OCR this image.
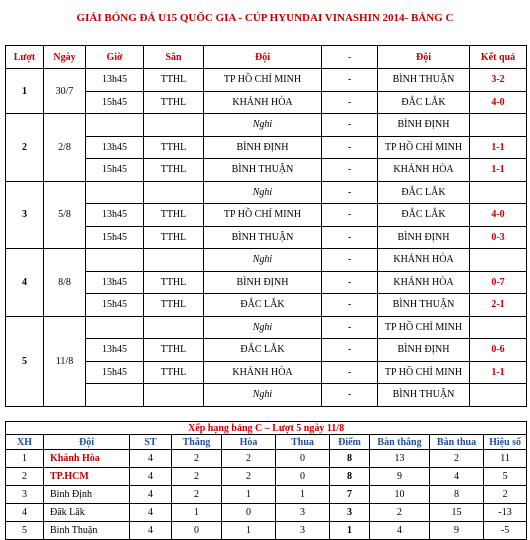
GIẢI BÓNG ĐÁ U15 QUỐC GIA - CÚP HYUNDAI VINASHIN 2014- BẢNG C
Lượt	Ngày	Giờ	Sân	Đội	-	Đội	Kết quả
1	30/7	13h45	TTHL	TP HỒ CHÍ MINH	-	BÌNH THUẬN	3-2
		15h45	TTHL	KHÁNH HÒA	-	ĐẮC LẮK	4-0
2	2/8			Nghỉ	-	BÌNH ĐỊNH	
		13h45	TTHL	BÌNH ĐỊNH	-	TP HỒ CHÍ MINH	1-1
		15h45	TTHL	BÌNH THUẬN	-	KHÁNH HÒA	1-1
3	5/8			Nghỉ	-	ĐẮC LẮK	
		13h45	TTHL	TP HỒ CHÍ MINH	-	ĐẮC LẮK	4-0
		15h45	TTHL	BÌNH THUẬN	-	BÌNH ĐỊNH	0-3
4	8/8			Nghỉ	-	KHÁNH HÒA	
		13h45	TTHL	BÌNH ĐỊNH	-	KHÁNH HÒA	0-7
		15h45	TTHL	ĐẮC LẮK	-	BÌNH THUẬN	2-1
5	11/8			Nghỉ	-	TP HỒ CHÍ MINH	
		13h45	TTHL	ĐẮC LẮK	-	BÌNH ĐỊNH	0-6
		15h45	TTHL	KHÁNH HÒA	-	TP HỒ CHÍ MINH	1-1
				Nghỉ	-	BÌNH THUẬN	
Xếp hạng bảng C – Lượt 5 ngày 11/8									
XH	Đội	ST	Thắng	Hòa	Thua	Điểm	Bàn thắng	Bàn thua	Hiệu số
1	Khánh Hòa	4	2	2	0	8	13	2	11
2	TP.HCM	4	2	2	0	8	9	4	5
3	Bình Định	4	2	1	1	7	10	8	2
4	Đăk Lăk	4	1	0	3	3	2	15	-13
5	Bình Thuận	4	0	1	3	1	4	9	-5
